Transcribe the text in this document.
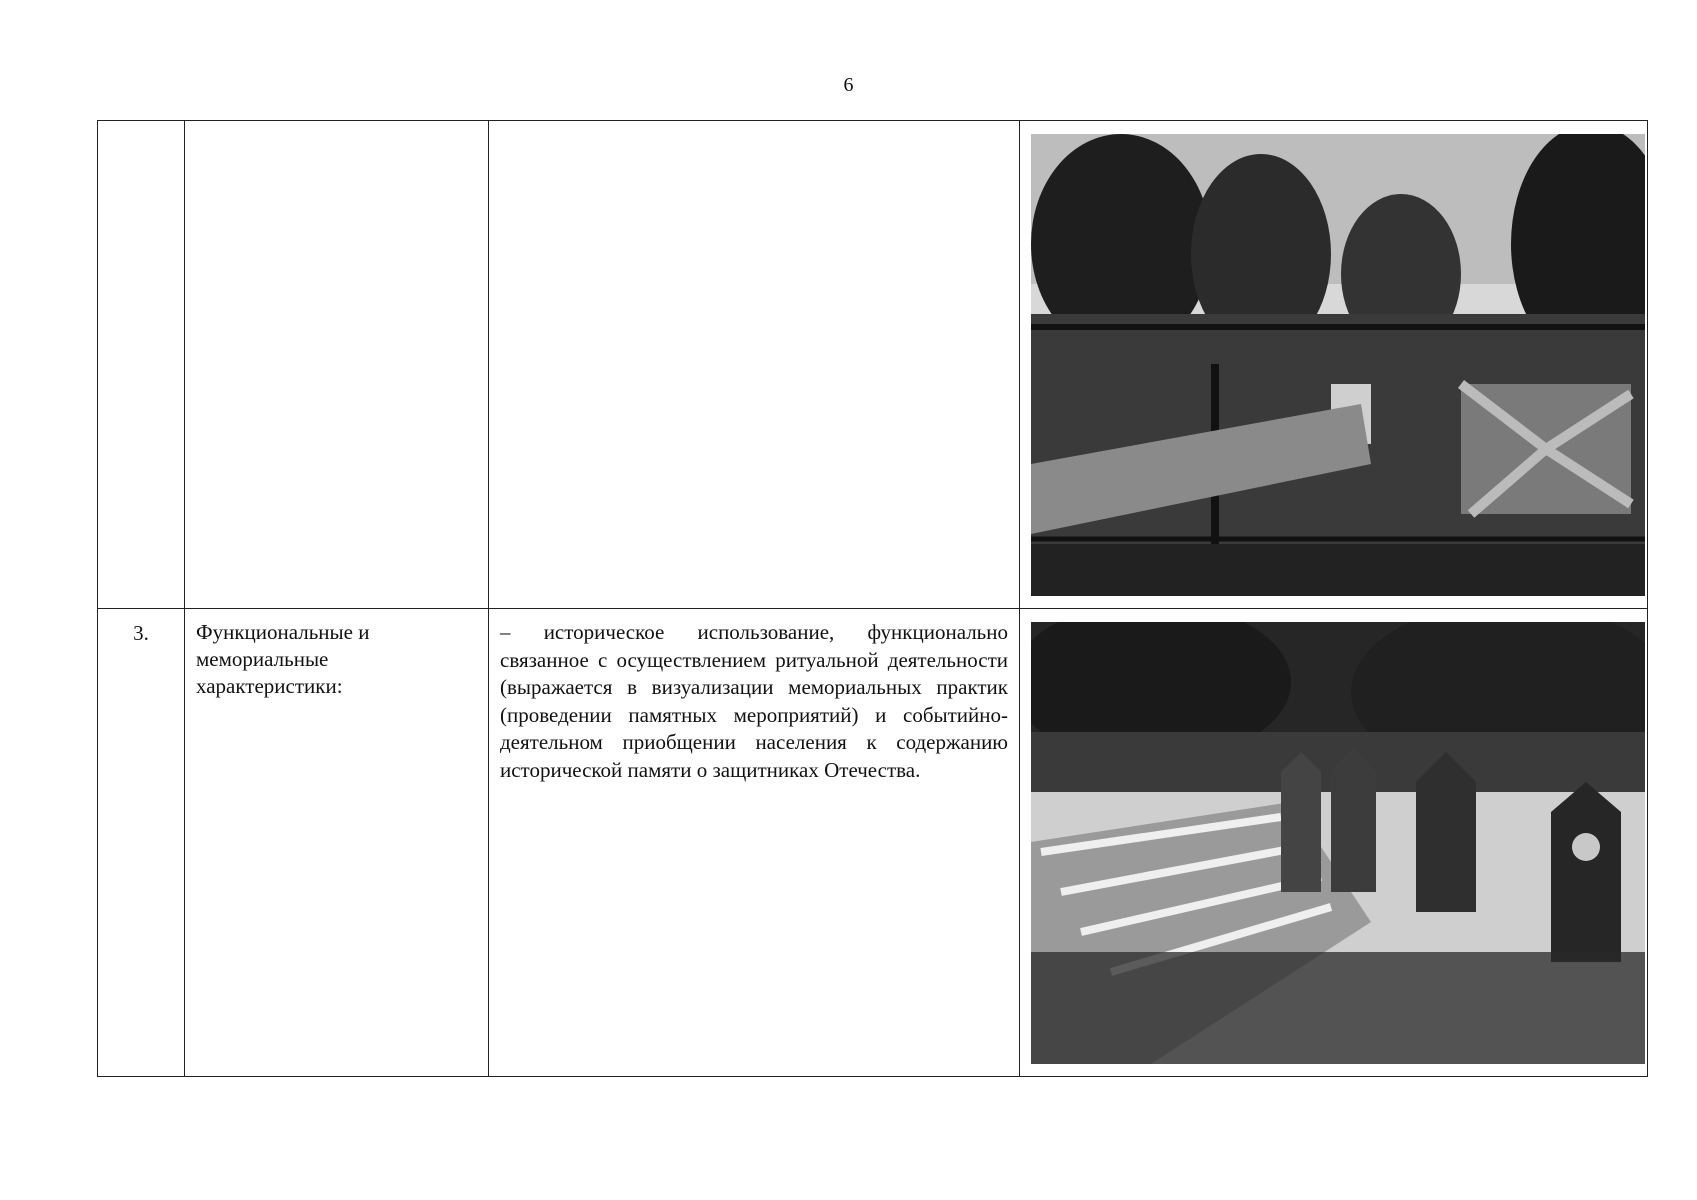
6

3.	Функциональные и мемориальные характеристики:	– историческое использование, функционально связанное с осуществлением ритуальной деятельности (выражается в визуализации мемориальных практик (проведении памятных мероприятий) и событийно-деятельном приобщении населения к содержанию исторической памяти о защитниках Отечества.
